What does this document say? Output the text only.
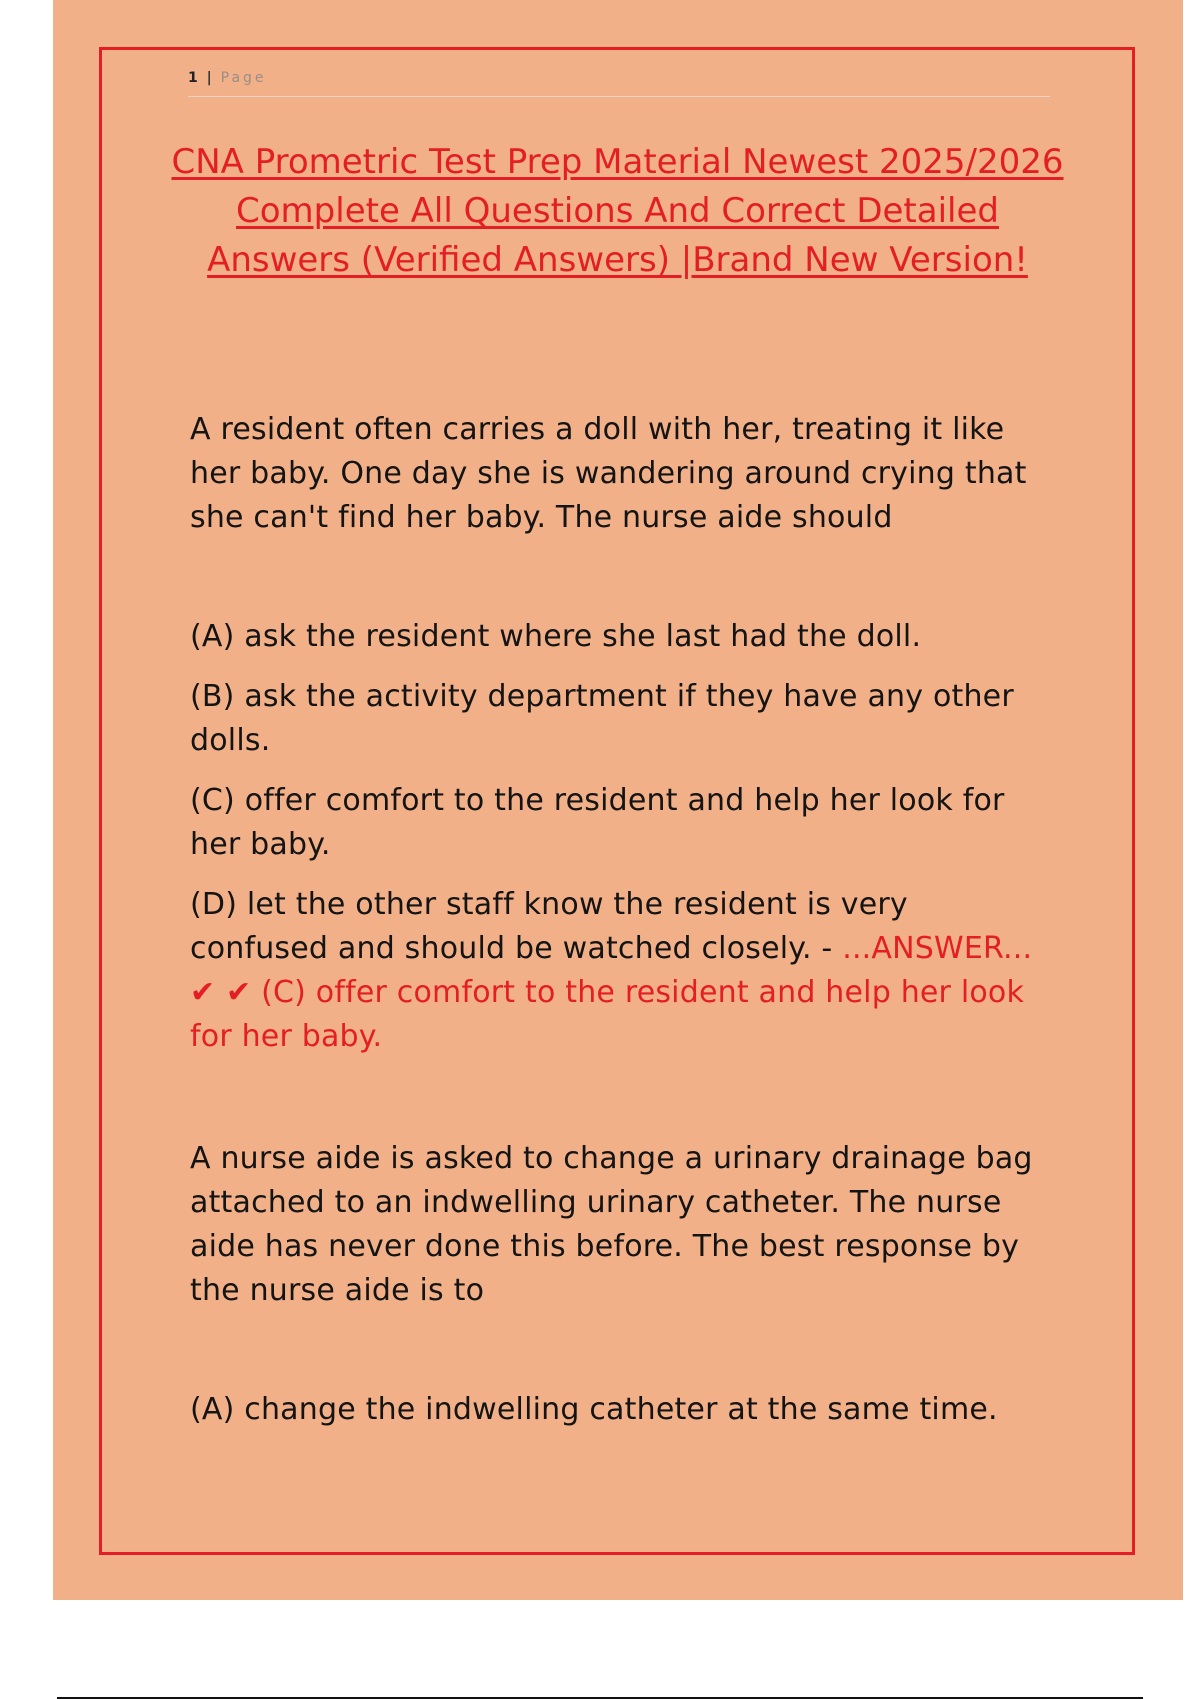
1 | Page
CNA Prometric Test Prep Material Newest 2025/2026 Complete All Questions And Correct Detailed Answers (Verified Answers) |Brand New Version!

A resident often carries a doll with her, treating it like her baby. One day she is wandering around crying that she can't find her baby. The nurse aide should

(A) ask the resident where she last had the doll.

(B) ask the activity department if they have any other dolls.

(C) offer comfort to the resident and help her look for her baby.

(D) let the other staff know the resident is very confused and should be watched closely. - ...ANSWER... ✔ ✔ (C) offer comfort to the resident and help her look for her baby.

A nurse aide is asked to change a urinary drainage bag attached to an indwelling urinary catheter. The nurse aide has never done this before. The best response by the nurse aide is to

(A) change the indwelling catheter at the same time.
